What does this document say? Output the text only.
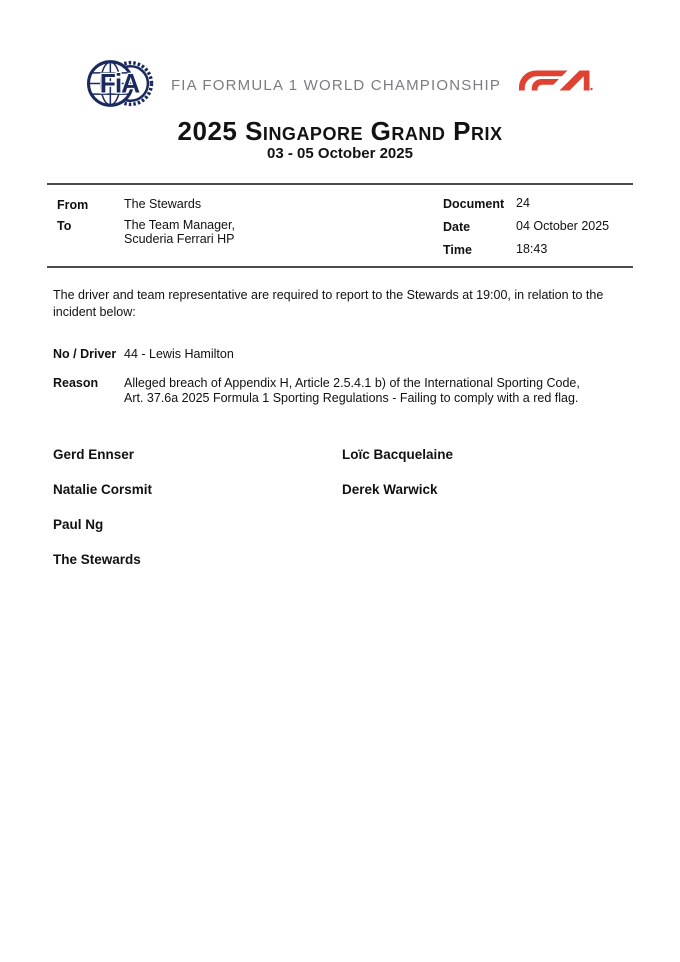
FiA	FIA FORMULA 1 WORLD CHAMPIONSHIP
2025 Singapore Grand Prix
03 - 05 October 2025
From	The Stewards
To	The Team Manager,
Scuderia Ferrari HP
Document 24
Date	04 October 2025
Time	18:43
The driver and team representative are required to report to the Stewards at 19:00, in relation to the
incident below:
No / Driver 44 - Lewis Hamilton
Reason	Alleged breach of Appendix H, Article 2.5.4.1 b) of the International Sporting Code,
Art. 37.6a 2025 Formula 1 Sporting Regulations - Failing to comply with a red flag.
Gerd Ennser	Loïc Bacquelaine
Natalie Corsmit	Derek Warwick
Paul Ng
The Stewards
